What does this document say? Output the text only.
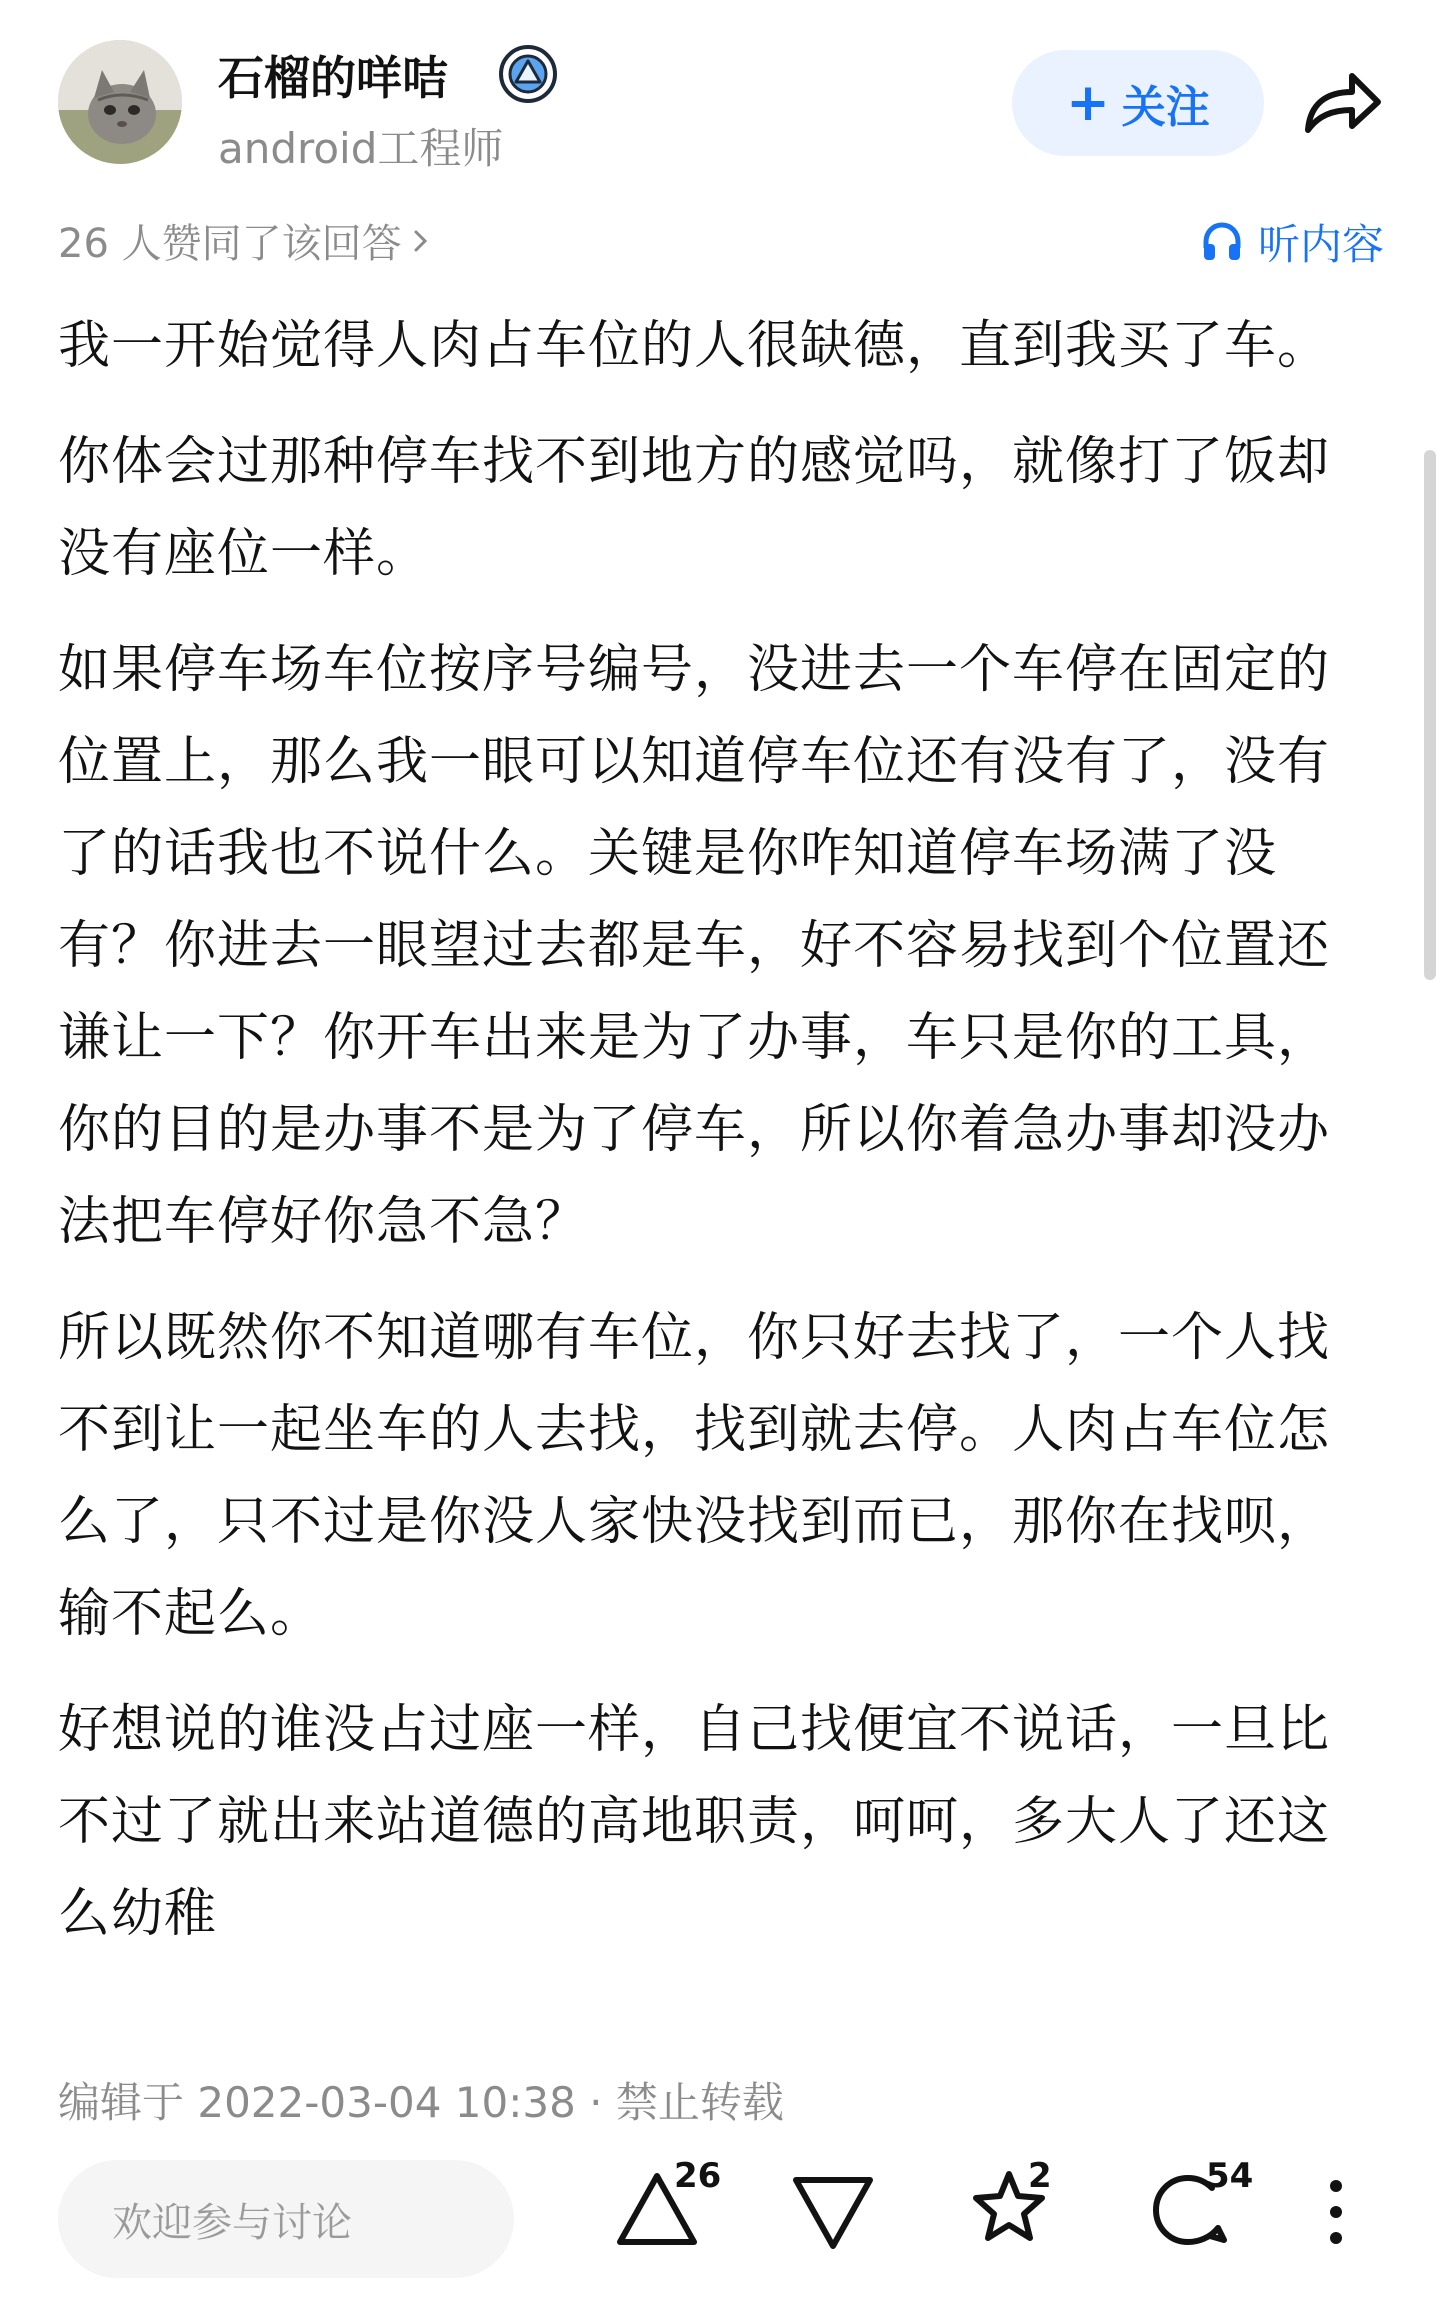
石榴的咩咭
android工程师
+ 关注
26 人赞同了该回答	听内容

我一开始觉得人肉占车位的人很缺德，直到我买了车。

你体会过那种停车找不到地方的感觉吗，就像打了饭却没有座位一样。

如果停车场车位按序号编号，没进去一个车停在固定的位置上，那么我一眼可以知道停车位还有没有了，没有了的话我也不说什么。关键是你咋知道停车场满了没有？你进去一眼望过去都是车，好不容易找到个位置还谦让一下？你开车出来是为了办事，车只是你的工具，你的目的是办事不是为了停车，所以你着急办事却没办法把车停好你急不急？

所以既然你不知道哪有车位，你只好去找了，一个人找不到让一起坐车的人去找，找到就去停。人肉占车位怎么了，只不过是你没人家快没找到而已，那你在找呗，输不起么。

好想说的谁没占过座一样，自己找便宜不说话，一旦比不过了就出来站道德的高地职责，呵呵，多大人了还这么幼稚

编辑于 2022-03-04 10:38 · 禁止转载
欢迎参与讨论
26	2	54
